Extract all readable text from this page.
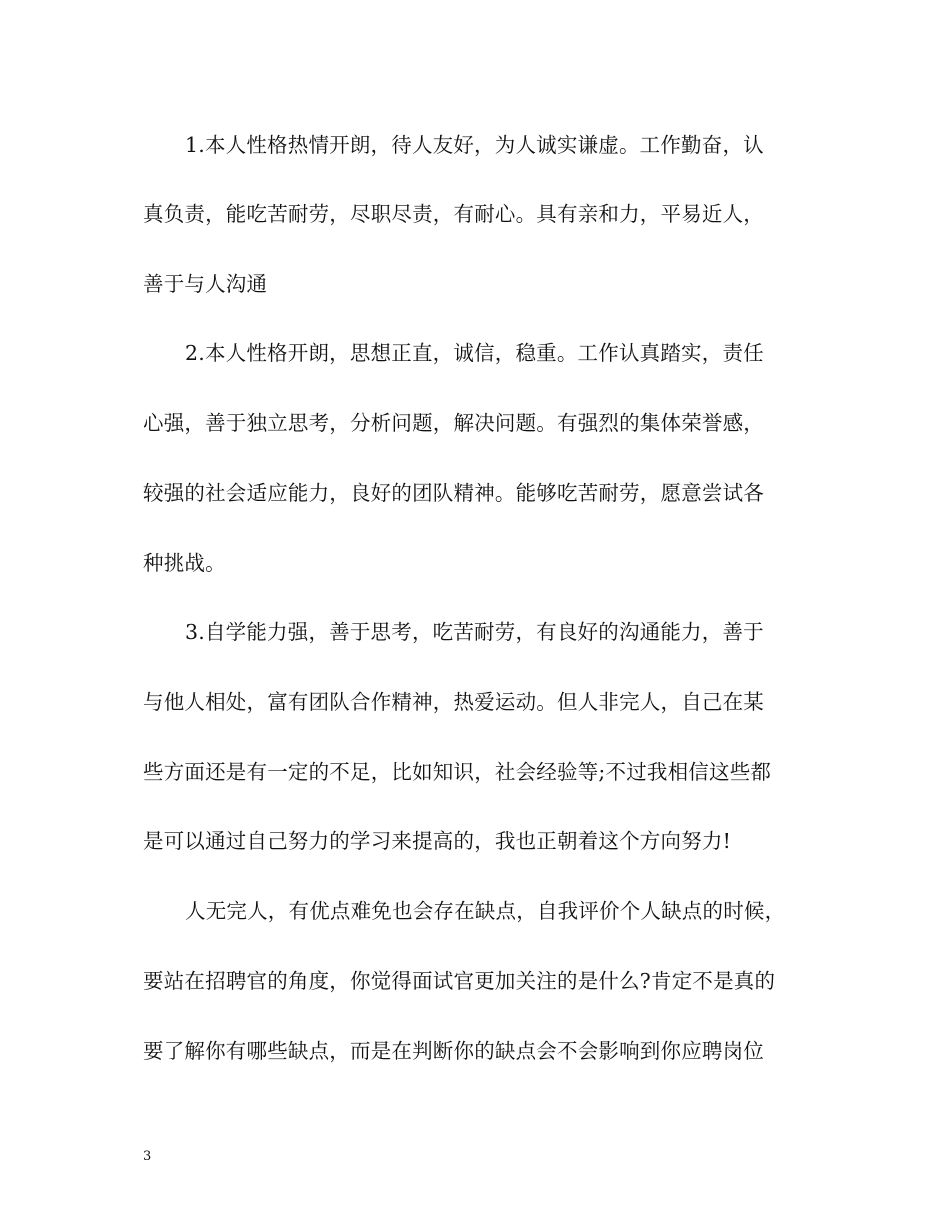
1.本人性格热情开朗，待人友好，为人诚实谦虚。工作勤奋，认
真负责，能吃苦耐劳，尽职尽责，有耐心。具有亲和力，平易近人，
善于与人沟通
2.本人性格开朗，思想正直，诚信，稳重。工作认真踏实，责任
心强，善于独立思考，分析问题，解决问题。有强烈的集体荣誉感，
较强的社会适应能力，良好的团队精神。能够吃苦耐劳，愿意尝试各
种挑战。
3.自学能力强，善于思考，吃苦耐劳，有良好的沟通能力，善于
与他人相处，富有团队合作精神，热爱运动。但人非完人，自己在某
些方面还是有一定的不足，比如知识，社会经验等;不过我相信这些都
是可以通过自己努力的学习来提高的，我也正朝着这个方向努力!
人无完人，有优点难免也会存在缺点，自我评价个人缺点的时候，
要站在招聘官的角度，你觉得面试官更加关注的是什么?肯定不是真的
要了解你有哪些缺点，而是在判断你的缺点会不会影响到你应聘岗位
3
